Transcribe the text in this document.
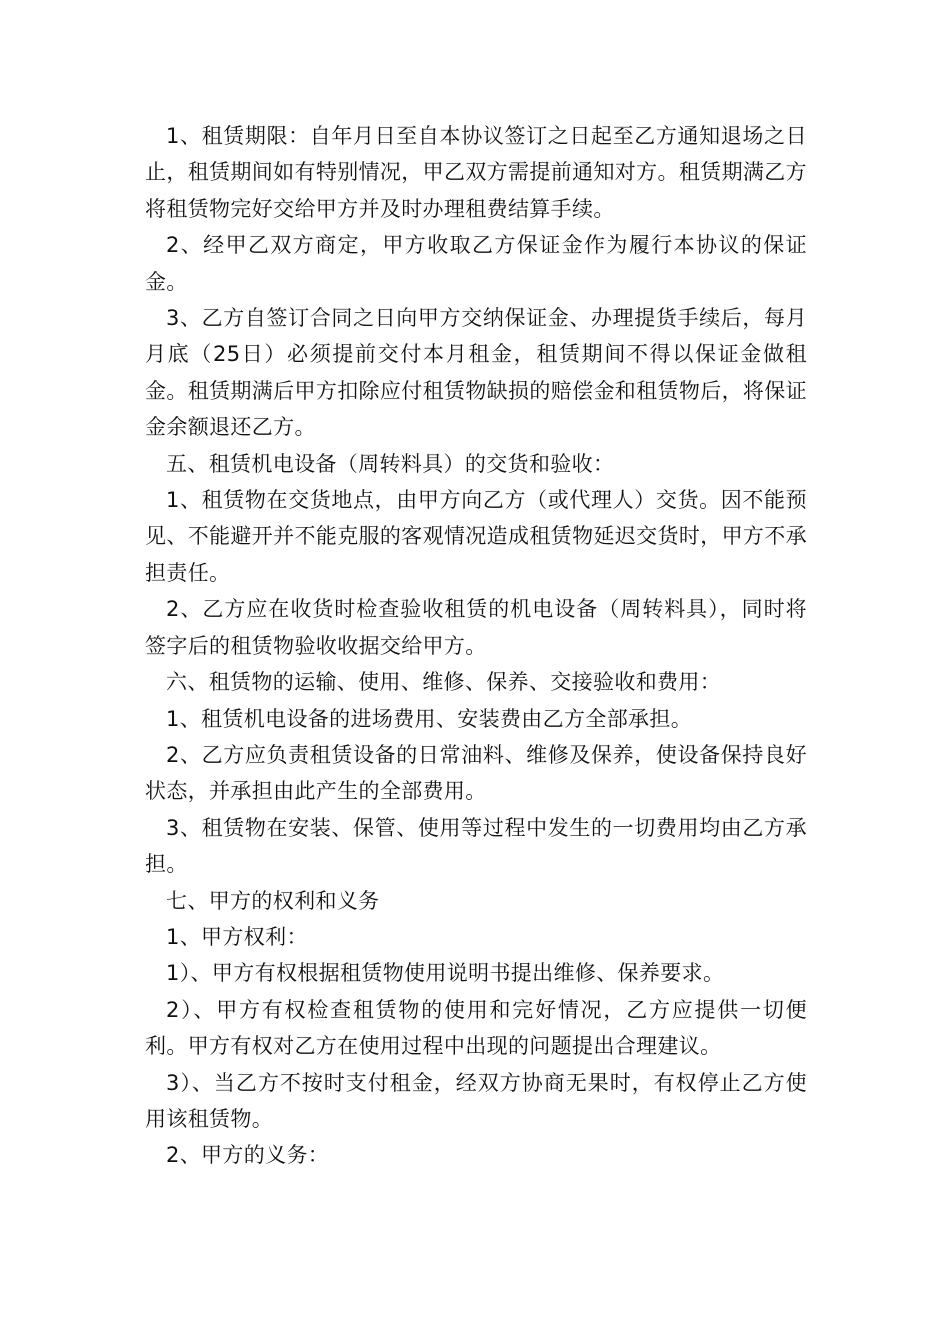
1、租赁期限：自年月日至自本协议签订之日起至乙方通知退场之日止，租赁期间如有特别情况，甲乙双方需提前通知对方。租赁期满乙方将租赁物完好交给甲方并及时办理租费结算手续。

2、经甲乙双方商定，甲方收取乙方保证金作为履行本协议的保证金。

3、乙方自签订合同之日向甲方交纳保证金、办理提货手续后，每月月底（25日）必须提前交付本月租金，租赁期间不得以保证金做租金。租赁期满后甲方扣除应付租赁物缺损的赔偿金和租赁物后，将保证金余额退还乙方。

五、租赁机电设备（周转料具）的交货和验收：

1、租赁物在交货地点，由甲方向乙方（或代理人）交货。因不能预见、不能避开并不能克服的客观情况造成租赁物延迟交货时，甲方不承担责任。

2、乙方应在收货时检查验收租赁的机电设备（周转料具），同时将签字后的租赁物验收收据交给甲方。

六、租赁物的运输、使用、维修、保养、交接验收和费用：

1、租赁机电设备的进场费用、安装费由乙方全部承担。

2、乙方应负责租赁设备的日常油料、维修及保养，使设备保持良好状态，并承担由此产生的全部费用。

3、租赁物在安装、保管、使用等过程中发生的一切费用均由乙方承担。

七、甲方的权利和义务

1、甲方权利：

1）、甲方有权根据租赁物使用说明书提出维修、保养要求。

2）、甲方有权检查租赁物的使用和完好情况，乙方应提供一切便利。甲方有权对乙方在使用过程中出现的问题提出合理建议。

3）、当乙方不按时支付租金，经双方协商无果时，有权停止乙方使用该租赁物。

2、甲方的义务：
